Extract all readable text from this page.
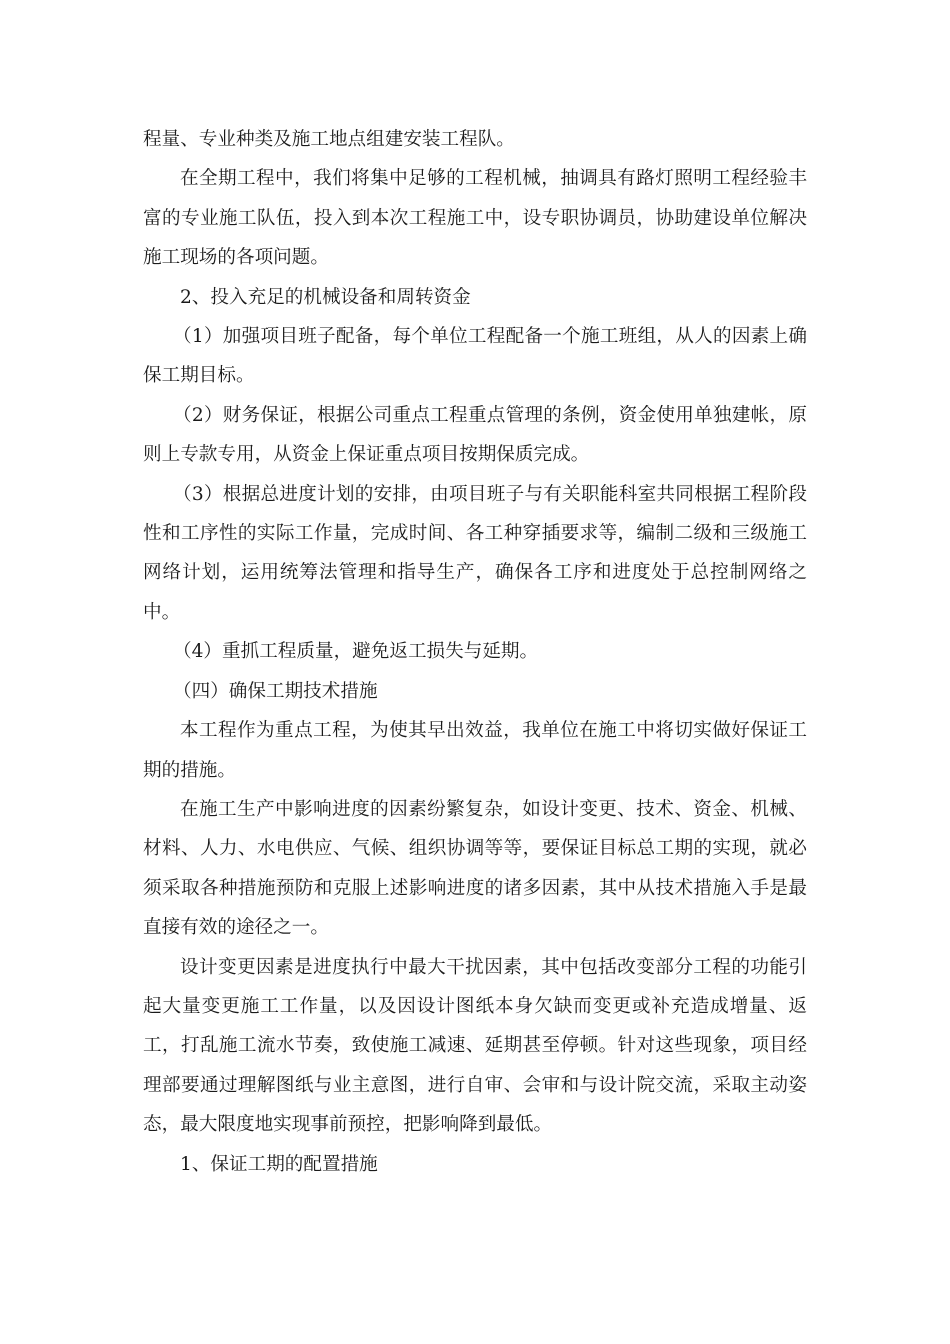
程量、专业种类及施工地点组建安装工程队。

在全期工程中，我们将集中足够的工程机械，抽调具有路灯照明工程经验丰富的专业施工队伍，投入到本次工程施工中，设专职协调员，协助建设单位解决施工现场的各项问题。

2、投入充足的机械设备和周转资金

（1）加强项目班子配备，每个单位工程配备一个施工班组，从人的因素上确保工期目标。

（2）财务保证，根据公司重点工程重点管理的条例，资金使用单独建帐，原则上专款专用，从资金上保证重点项目按期保质完成。

（3）根据总进度计划的安排，由项目班子与有关职能科室共同根据工程阶段性和工序性的实际工作量，完成时间、各工种穿插要求等，编制二级和三级施工网络计划，运用统筹法管理和指导生产，确保各工序和进度处于总控制网络之中。

（4）重抓工程质量，避免返工损失与延期。

（四）确保工期技术措施

本工程作为重点工程，为使其早出效益，我单位在施工中将切实做好保证工期的措施。

在施工生产中影响进度的因素纷繁复杂，如设计变更、技术、资金、机械、材料、人力、水电供应、气候、组织协调等等，要保证目标总工期的实现，就必须采取各种措施预防和克服上述影响进度的诸多因素，其中从技术措施入手是最直接有效的途径之一。

设计变更因素是进度执行中最大干扰因素，其中包括改变部分工程的功能引起大量变更施工工作量，以及因设计图纸本身欠缺而变更或补充造成增量、返工，打乱施工流水节奏，致使施工减速、延期甚至停顿。针对这些现象，项目经理部要通过理解图纸与业主意图，进行自审、会审和与设计院交流，采取主动姿态，最大限度地实现事前预控，把影响降到最低。

1、保证工期的配置措施
